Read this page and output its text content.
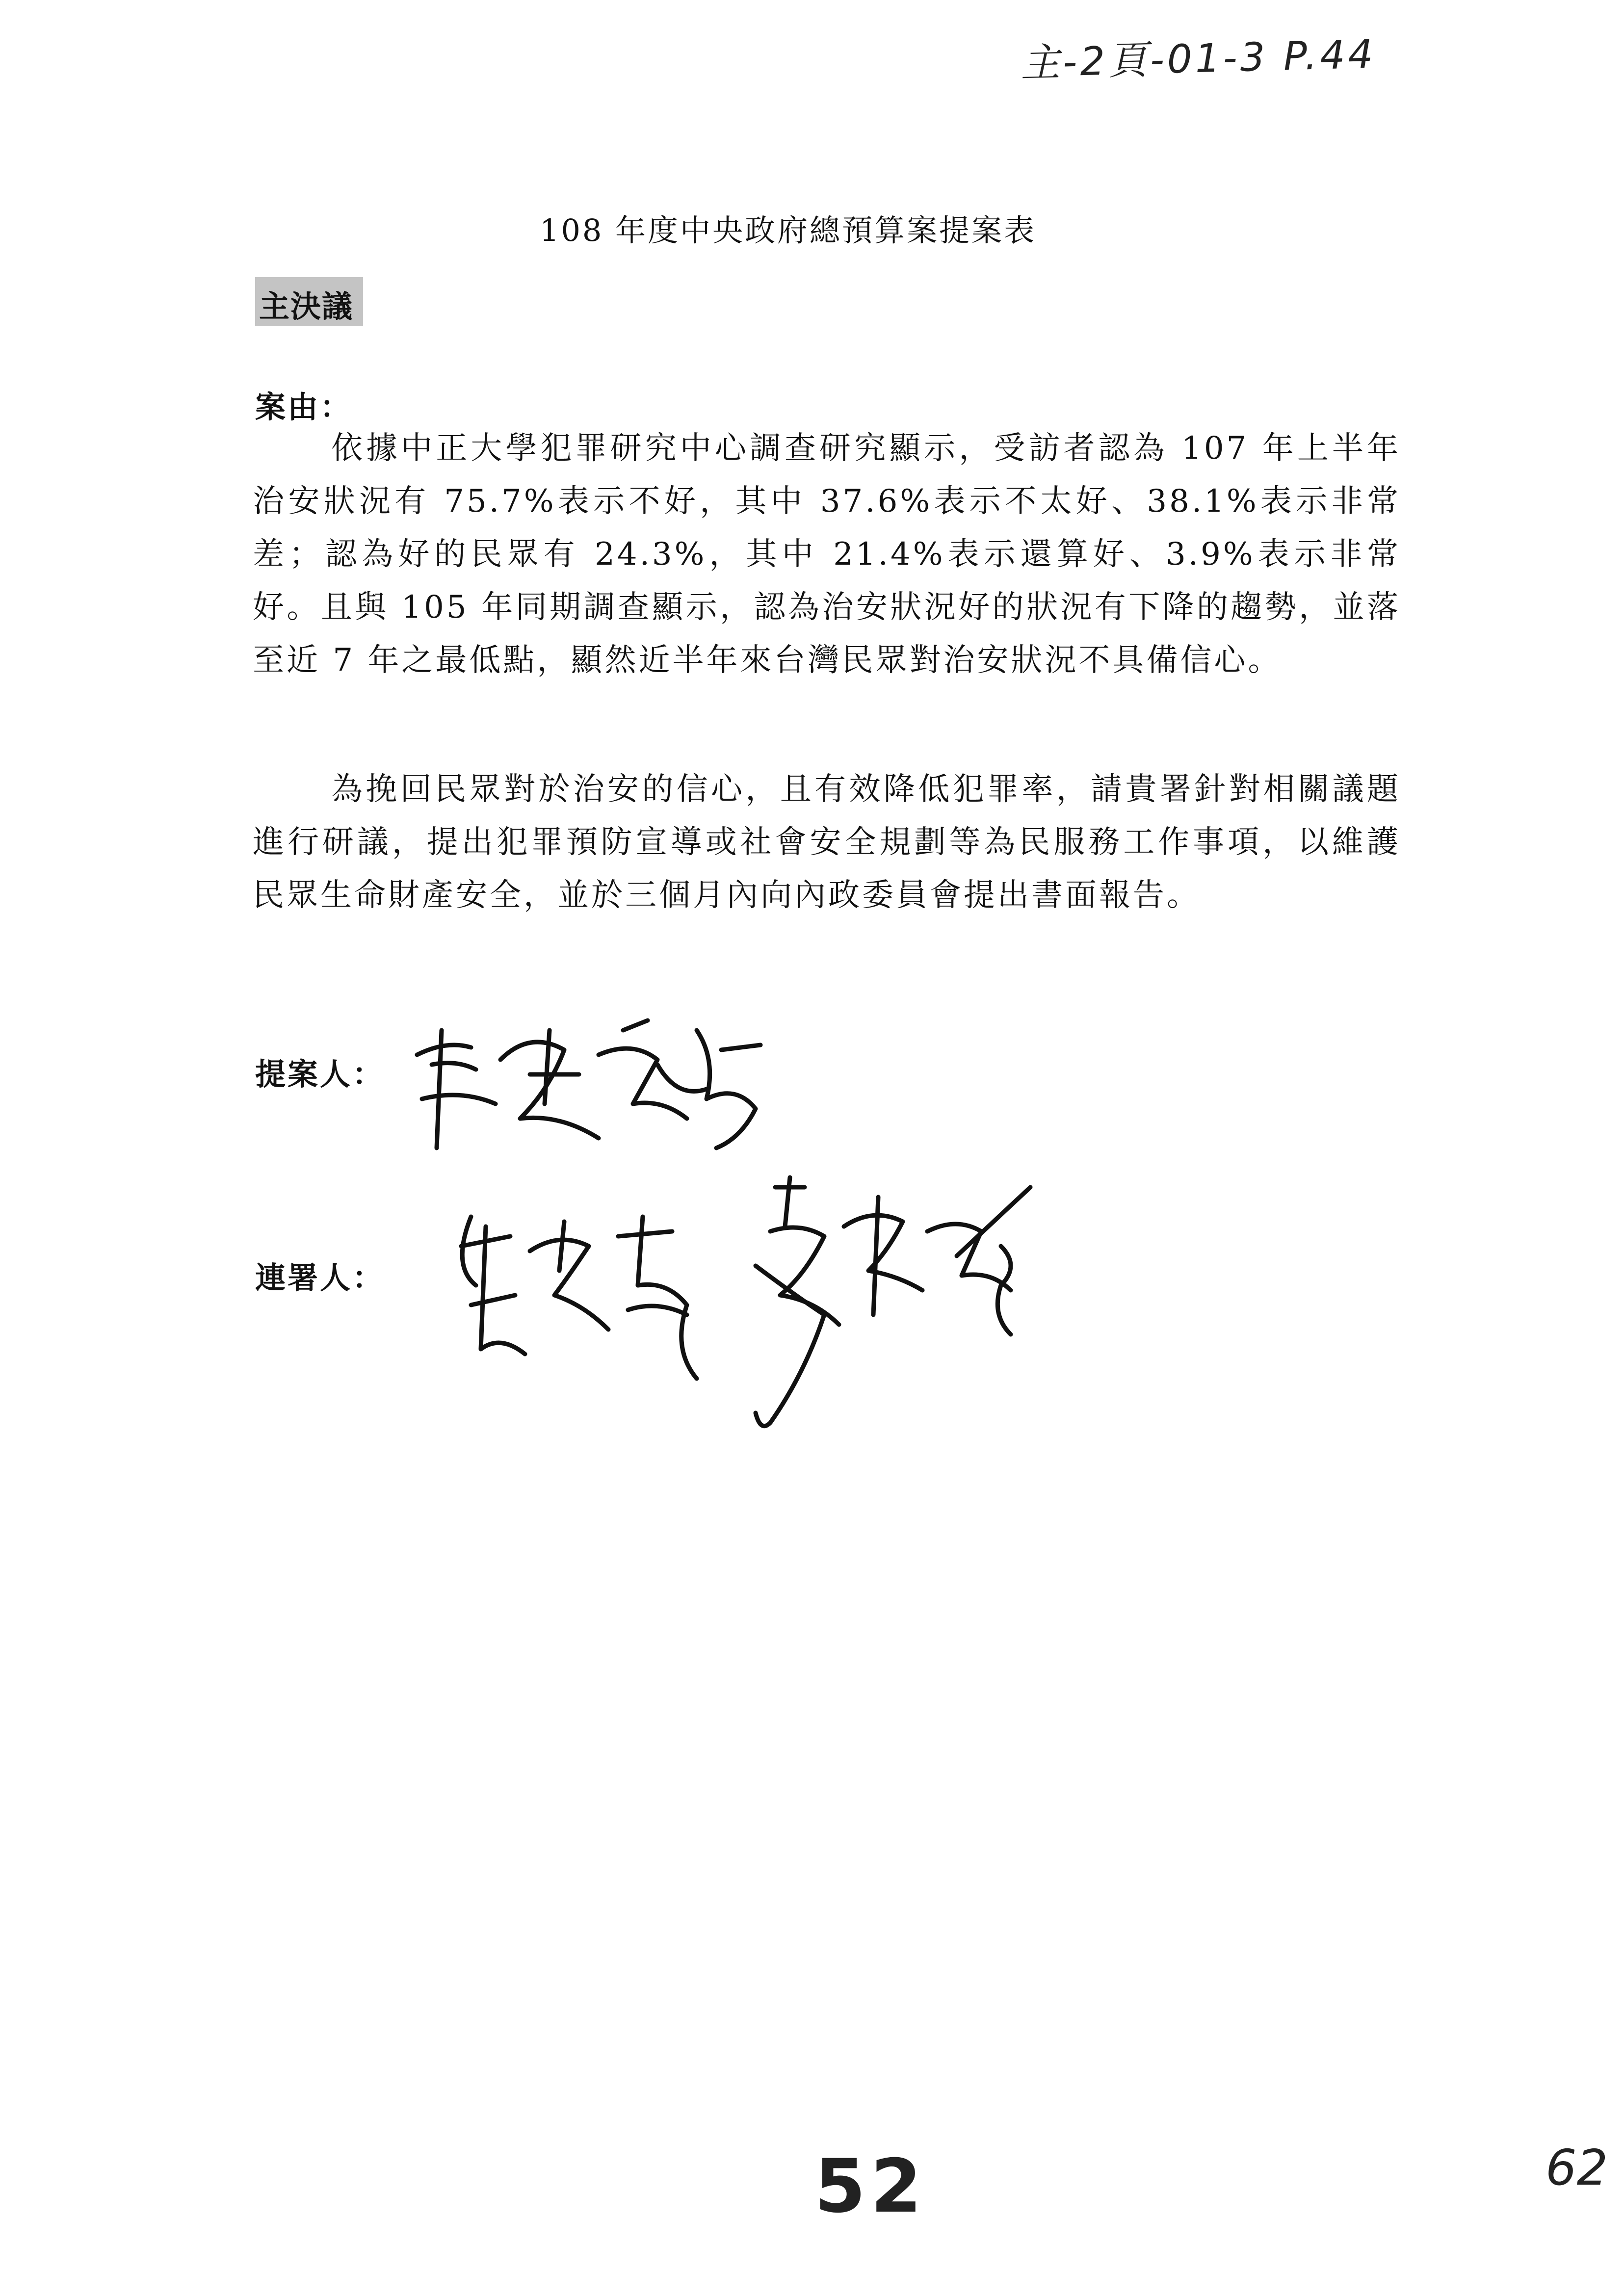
主-2頁-01-3 P.44
108 年度中央政府總預算案提案表
主決議
案由：

依據中正大學犯罪研究中心調查研究顯示，受訪者認為 107 年上半年治安狀況有 75.7%表示不好，其中 37.6%表示不太好、38.1%表示非常差；認為好的民眾有 24.3%，其中 21.4%表示還算好、3.9%表示非常好。且與 105 年同期調查顯示，認為治安狀況好的狀況有下降的趨勢，並落至近 7 年之最低點，顯然近半年來台灣民眾對治安狀況不具備信心。

為挽回民眾對於治安的信心，且有效降低犯罪率，請貴署針對相關議題進行研議，提出犯罪預防宣導或社會安全規劃等為民服務工作事項，以維護民眾生命財產安全，並於三個月內向內政委員會提出書面報告。

提案人：
連署人：
52	62
